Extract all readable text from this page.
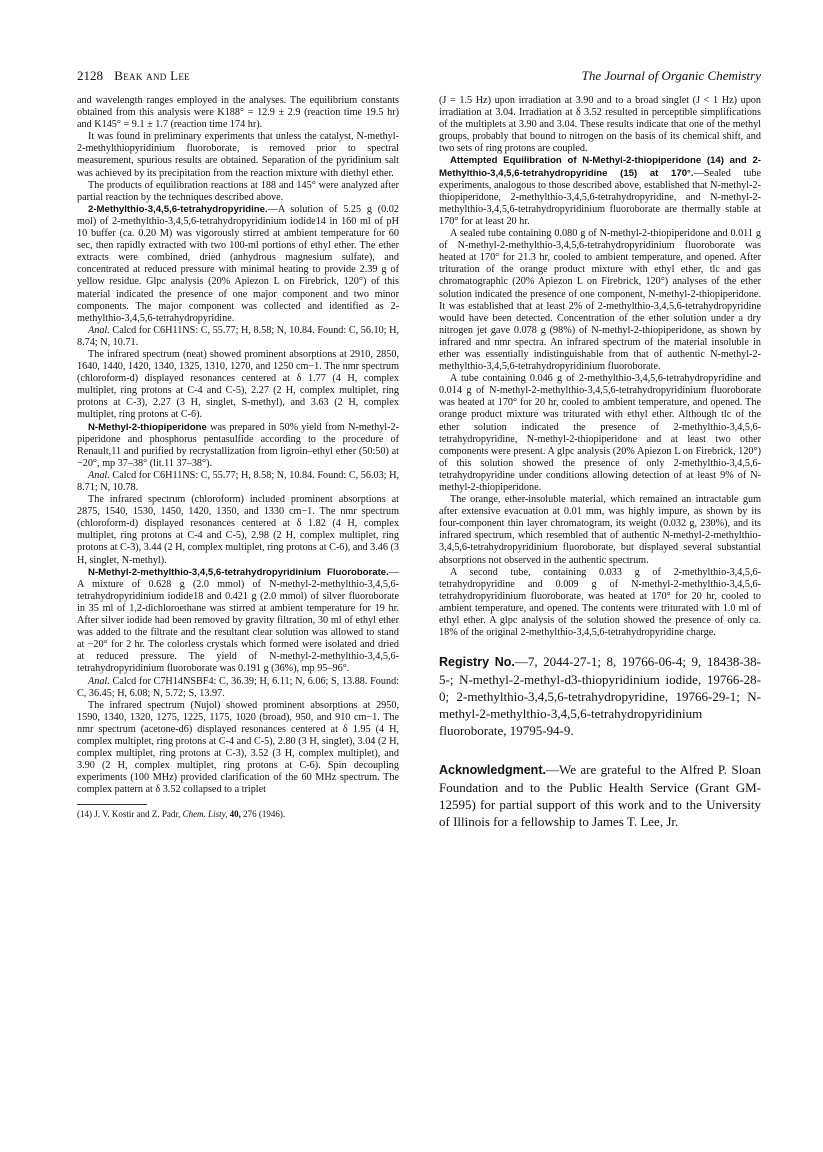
2128 Beak and Lee	The Journal of Organic Chemistry

and wavelength ranges employed in the analyses. The equilibrium constants obtained from this analysis were K188° = 12.9 ± 2.9 (reaction time 19.5 hr) and K145° = 9.1 ± 1.7 (reaction time 174 hr).

It was found in preliminary experiments that unless the catalyst, N-methyl-2-methylthiopyridinium fluoroborate, is removed prior to spectral measurement, spurious results are obtained. Separation of the pyridinium salt was achieved by its precipitation from the reaction mixture with diethyl ether.

The products of equilibration reactions at 188 and 145° were analyzed after partial reaction by the techniques described above.

2-Methylthio-3,4,5,6-tetrahydropyridine.—A solution of 5.25 g (0.02 mol) of 2-methylthio-3,4,5,6-tetrahydropyridinium iodide14 in 160 ml of pH 10 buffer (ca. 0.20 M) was vigorously stirred at ambient temperature for 60 sec, then rapidly extracted with two 100-ml portions of ethyl ether. The ether extracts were combined, dried (anhydrous magnesium sulfate), and concentrated at reduced pressure with minimal heating to provide 2.39 g of yellow residue. Glpc analysis (20% Apiezon L on Firebrick, 120°) of this material indicated the presence of one major component and two minor components. The major component was collected and identified as 2-methylthio-3,4,5,6-tetrahydropyridine.

Anal. Calcd for C6H11NS: C, 55.77; H, 8.58; N, 10.84. Found: C, 56.10; H, 8.74; N, 10.71.

The infrared spectrum (neat) showed prominent absorptions at 2910, 2850, 1640, 1440, 1420, 1340, 1325, 1310, 1270, and 1250 cm−1. The nmr spectrum (chloroform-d) displayed resonances centered at δ 1.77 (4 H, complex multiplet, ring protons at C-4 and C-5), 2.27 (2 H, complex multiplet, ring protons at C-3), 2.27 (3 H, singlet, S-methyl), and 3.63 (2 H, complex multiplet, ring protons at C-6).

N-Methyl-2-thiopiperidone was prepared in 50% yield from N-methyl-2-piperidone and phosphorus pentasulfide according to the procedure of Renault,11 and purified by recrystallization from ligroin–ethyl ether (50:50) at −20°, mp 37–38° (lit.11 37–38°).

Anal. Calcd for C6H11NS: C, 55.77; H, 8.58; N, 10.84. Found: C, 56.03; H, 8.71; N, 10.78.

The infrared spectrum (chloroform) included prominent absorptions at 2875, 1540, 1530, 1450, 1420, 1350, and 1330 cm−1. The nmr spectrum (chloroform-d) displayed resonances centered at δ 1.82 (4 H, complex multiplet, ring protons at C-4 and C-5), 2.98 (2 H, complex multiplet, ring protons at C-3), 3.44 (2 H, complex multiplet, ring protons at C-6), and 3.46 (3 H, singlet, N-methyl).

N-Methyl-2-methylthio-3,4,5,6-tetrahydropyridinium Fluoroborate.—A mixture of 0.628 g (2.0 mmol) of N-methyl-2-methylthio-3,4,5,6-tetrahydropyridinium iodide18 and 0.421 g (2.0 mmol) of silver fluoroborate in 35 ml of 1,2-dichloroethane was stirred at ambient temperature for 19 hr. After silver iodide had been removed by gravity filtration, 30 ml of ethyl ether was added to the filtrate and the resultant clear solution was allowed to stand at −20° for 2 hr. The colorless crystals which formed were isolated and dried at reduced pressure. The yield of N-methyl-2-methylthio-3,4,5,6-tetrahydropyridinium fluoroborate was 0.191 g (36%), mp 95–96°.

Anal. Calcd for C7H14NSBF4: C, 36.39; H, 6.11; N, 6.06; S, 13.88. Found: C, 36.45; H, 6.08; N, 5.72; S, 13.97.

The infrared spectrum (Nujol) showed prominent absorptions at 2950, 1590, 1340, 1320, 1275, 1225, 1175, 1020 (broad), 950, and 910 cm−1. The nmr spectrum (acetone-d6) displayed resonances centered at δ 1.95 (4 H, complex multiplet, ring protons at C-4 and C-5), 2.80 (3 H, singlet), 3.04 (2 H, complex multiplet, ring protons at C-3), 3.52 (3 H, complex multiplet), and 3.90 (2 H, complex multiplet, ring protons at C-6). Spin decoupling experiments (100 MHz) provided clarification of the 60 MHz spectrum. The complex pattern at δ 3.52 collapsed to a triplet

(14) J. V. Kostir and Z. Padr, Chem. Listy, 40, 276 (1946).

(J = 1.5 Hz) upon irradiation at 3.90 and to a broad singlet (J < 1 Hz) upon irradiation at 3.04. Irradiation at δ 3.52 resulted in perceptible simplifications of the multiplets at 3.90 and 3.04. These results indicate that one of the methyl groups, probably that bound to nitrogen on the basis of its chemical shift, and two sets of ring protons are coupled.

Attempted Equilibration of N-Methyl-2-thiopiperidone (14) and 2-Methylthio-3,4,5,6-tetrahydropyridine (15) at 170°.—Sealed tube experiments, analogous to those described above, established that N-methyl-2-thiopiperidone, 2-methylthio-3,4,5,6-tetrahydropyridine, and N-methyl-2-methylthio-3,4,5,6-tetrahydropyridinium fluoroborate are thermally stable at 170° for at least 20 hr.

A sealed tube containing 0.080 g of N-methyl-2-thiopiperidone and 0.011 g of N-methyl-2-methylthio-3,4,5,6-tetrahydropyridinium fluoroborate was heated at 170° for 21.3 hr, cooled to ambient temperature, and opened. After trituration of the orange product mixture with ethyl ether, tlc and gas chromatographic (20% Apiezon L on Firebrick, 120°) analyses of the ether solution indicated the presence of one component, N-methyl-2-thiopiperidone. It was established that at least 2% of 2-methylthio-3,4,5,6-tetrahydropyridine would have been detected. Concentration of the ether solution under a dry nitrogen jet gave 0.078 g (98%) of N-methyl-2-thiopiperidone, as shown by infrared and nmr spectra. An infrared spectrum of the material insoluble in ether was essentially indistinguishable from that of authentic N-methyl-2-methylthio-3,4,5,6-tetrahydropyridinium fluoroborate.

A tube containing 0.046 g of 2-methylthio-3,4,5,6-tetrahydropyridine and 0.014 g of N-methyl-2-methylthio-3,4,5,6-tetrahydropyridinium fluoroborate was heated at 170° for 20 hr, cooled to ambient temperature, and opened. The orange product mixture was triturated with ethyl ether. Although tlc of the ether solution indicated the presence of 2-methylthio-3,4,5,6-tetrahydropyridine, N-methyl-2-thiopiperidone and at least two other components were present. A glpc analysis (20% Apiezon L on Firebrick, 120°) of this solution showed the presence of only 2-methylthio-3,4,5,6-tetrahydropyridine under conditions allowing detection of at least 9% of N-methyl-2-thiopiperidone.

The orange, ether-insoluble material, which remained an intractable gum after extensive evacuation at 0.01 mm, was highly impure, as shown by its four-component thin layer chromatogram, its weight (0.032 g, 230%), and its infrared spectrum, which resembled that of authentic N-methyl-2-methylthio-3,4,5,6-tetrahydropyridinium fluoroborate, but displayed several substantial absorptions not observed in the authentic spectrum.

A second tube, containing 0.033 g of 2-methylthio-3,4,5,6-tetrahydropyridine and 0.009 g of N-methyl-2-methylthio-3,4,5,6-tetrahydropyridinium fluoroborate, was heated at 170° for 20 hr, cooled to ambient temperature, and opened. The contents were triturated with 1.0 ml of ethyl ether. A glpc analysis of the solution showed the presence of only ca. 18% of the original 2-methylthio-3,4,5,6-tetrahydropyridine charge.

Registry No.—7, 2044-27-1; 8, 19766-06-4; 9, 18438-38-5-; N-methyl-2-methyl-d3-thiopyridinium iodide, 19766-28-0; 2-methylthio-3,4,5,6-tetrahydropyridine, 19766-29-1; N-methyl-2-methylthio-3,4,5,6-tetrahydropyridinium fluoroborate, 19795-94-9.

Acknowledgment.—We are grateful to the Alfred P. Sloan Foundation and to the Public Health Service (Grant GM-12595) for partial support of this work and to the University of Illinois for a fellowship to James T. Lee, Jr.
